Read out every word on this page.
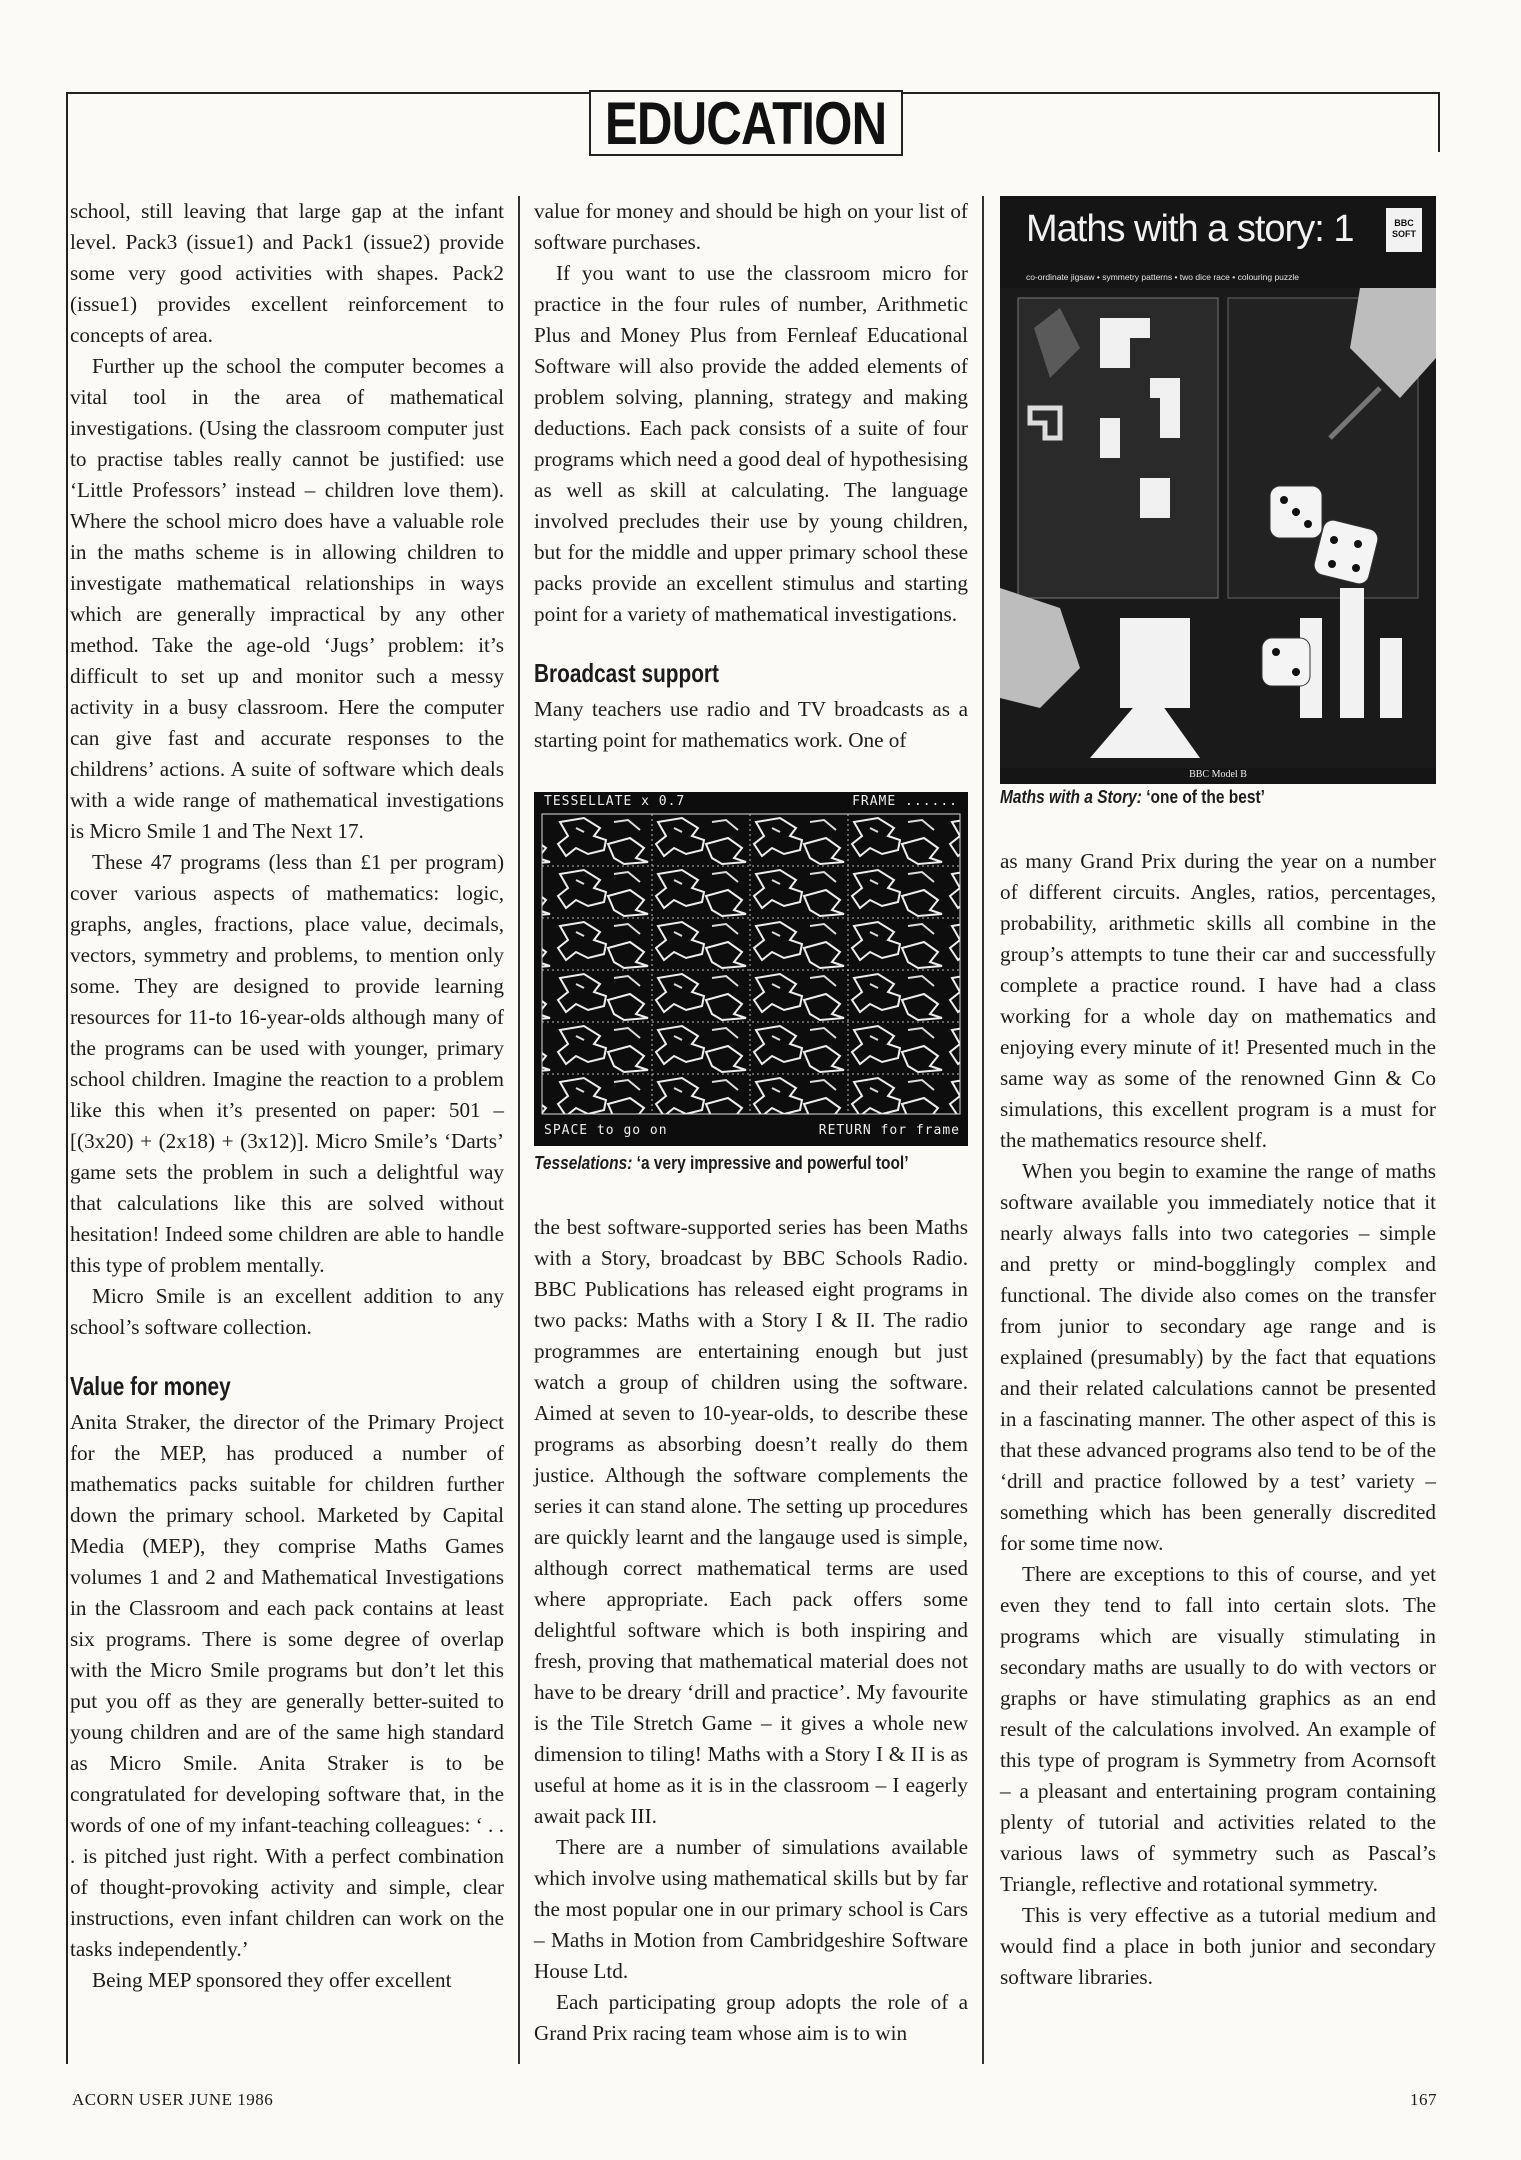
EDUCATION

school, still leaving that large gap at the infant level. Pack3 (issue1) and Pack1 (issue2) provide some very good activities with shapes. Pack2 (issue1) provides excellent reinforcement to concepts of area.

Further up the school the computer becomes a vital tool in the area of mathematical investigations. (Using the classroom computer just to practise tables really cannot be justified: use ‘Little Professors’ instead – children love them). Where the school micro does have a valuable role in the maths scheme is in allowing children to investigate mathematical relationships in ways which are generally impractical by any other method. Take the age-old ‘Jugs’ problem: it’s difficult to set up and monitor such a messy activity in a busy classroom. Here the computer can give fast and accurate responses to the childrens’ actions. A suite of software which deals with a wide range of mathematical investigations is Micro Smile 1 and The Next 17.

These 47 programs (less than £1 per program) cover various aspects of mathematics: logic, graphs, angles, fractions, place value, decimals, vectors, symmetry and problems, to mention only some. They are designed to provide learning resources for 11-to 16-year-olds although many of the programs can be used with younger, primary school children. Imagine the reaction to a problem like this when it’s presented on paper: 501 – [(3x20) + (2x18) + (3x12)]. Micro Smile’s ‘Darts’ game sets the problem in such a delightful way that calculations like this are solved without hesitation! Indeed some children are able to handle this type of problem mentally.

Micro Smile is an excellent addition to any school’s software collection.

Value for money

Anita Straker, the director of the Primary Project for the MEP, has produced a number of mathematics packs suitable for children further down the primary school. Marketed by Capital Media (MEP), they comprise Maths Games volumes 1 and 2 and Mathematical Investigations in the Classroom and each pack contains at least six programs. There is some degree of overlap with the Micro Smile programs but don’t let this put you off as they are generally better-suited to young children and are of the same high standard as Micro Smile. Anita Straker is to be congratulated for developing software that, in the words of one of my infant-teaching colleagues: ‘ . . . is pitched just right. With a perfect combination of thought-provoking activity and simple, clear instructions, even infant children can work on the tasks independently.’

Being MEP sponsored they offer excellent

value for money and should be high on your list of software purchases.

If you want to use the classroom micro for practice in the four rules of number, Arithmetic Plus and Money Plus from Fernleaf Educational Software will also provide the added elements of problem solving, planning, strategy and making deductions. Each pack consists of a suite of four programs which need a good deal of hypothesising as well as skill at calculating. The language involved precludes their use by young children, but for the middle and upper primary school these packs provide an excellent stimulus and starting point for a variety of mathematical investigations.

Broadcast support

Many teachers use radio and TV broadcasts as a starting point for mathematics work. One of

the best software-supported series has been Maths with a Story, broadcast by BBC Schools Radio. BBC Publications has released eight programs in two packs: Maths with a Story I & II. The radio programmes are entertaining enough but just watch a group of children using the software. Aimed at seven to 10-year-olds, to describe these programs as absorbing doesn’t really do them justice. Although the software complements the series it can stand alone. The setting up procedures are quickly learnt and the langauge used is simple, although correct mathematical terms are used where appropriate. Each pack offers some delightful software which is both inspiring and fresh, proving that mathematical material does not have to be dreary ‘drill and practice’. My favourite is the Tile Stretch Game – it gives a whole new dimension to tiling! Maths with a Story I & II is as useful at home as it is in the classroom – I eagerly await pack III.

There are a number of simulations available which involve using mathematical skills but by far the most popular one in our primary school is Cars – Maths in Motion from Cambridgeshire Software House Ltd.

Each participating group adopts the role of a Grand Prix racing team whose aim is to win

TESSELLATE x 0.7	FRAME ......
SPACE to go on	RETURN for frame
Tesselations: ‘a very impressive and powerful tool’
Maths with a story: 1	BBC SOFT
co-ordinate jigsaw • symmetry patterns • two dice race • colouring puzzle
BBC Model B
Maths with a Story: ‘one of the best’

as many Grand Prix during the year on a number of different circuits. Angles, ratios, percentages, probability, arithmetic skills all combine in the group’s attempts to tune their car and successfully complete a practice round. I have had a class working for a whole day on mathematics and enjoying every minute of it! Presented much in the same way as some of the renowned Ginn & Co simulations, this excellent program is a must for the mathematics resource shelf.

When you begin to examine the range of maths software available you immediately notice that it nearly always falls into two categories – simple and pretty or mind-bogglingly complex and functional. The divide also comes on the transfer from junior to secondary age range and is explained (presumably) by the fact that equations and their related calculations cannot be presented in a fascinating manner. The other aspect of this is that these advanced programs also tend to be of the ‘drill and practice followed by a test’ variety – something which has been generally discredited for some time now.

There are exceptions to this of course, and yet even they tend to fall into certain slots. The programs which are visually stimulating in secondary maths are usually to do with vectors or graphs or have stimulating graphics as an end result of the calculations involved. An example of this type of program is Symmetry from Acornsoft – a pleasant and entertaining program containing plenty of tutorial and activities related to the various laws of symmetry such as Pascal’s Triangle, reflective and rotational symmetry.

This is very effective as a tutorial medium and would find a place in both junior and secondary software libraries.

ACORN USER JUNE 1986	167
